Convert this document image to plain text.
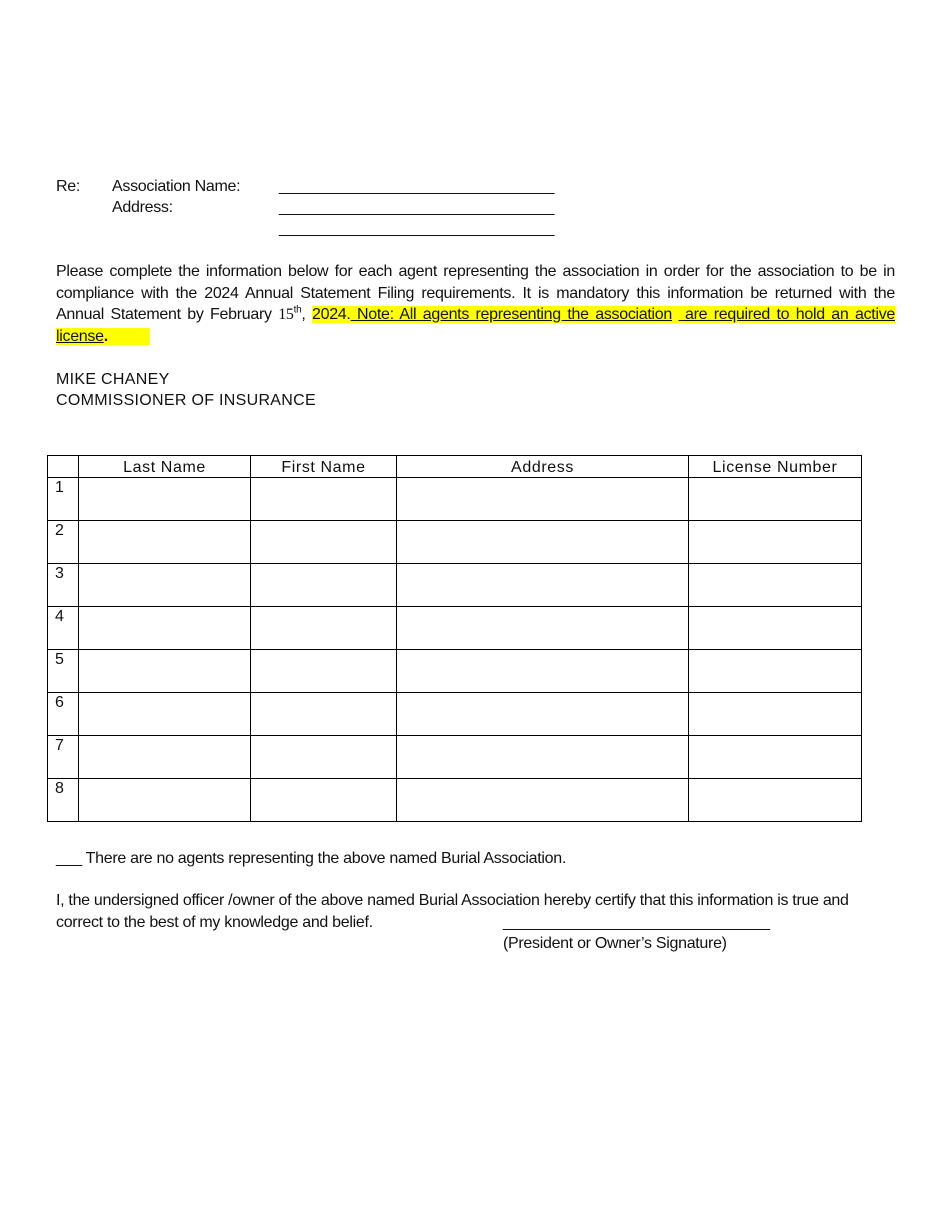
Re: Association Name: ________________________________
Address:	________________________________
________________________________
Please complete the information below for each agent representing the association in order for the association to be in compliance with the 2024 Annual Statement Filing requirements. It is mandatory this information be returned with the Annual Statement by February 15th, 2024. Note: All agents representing the association  are required to hold an active license.
MIKE CHANEY
COMMISSIONER OF INSURANCE
	Last Name	First Name	Address	License Number
1				
2				
3				
4				
5				
6				
7				
8				
___ There are no agents representing the above named Burial Association.
I, the undersigned officer /owner of the above named Burial Association hereby certify that this information is true and correct to the best of my knowledge and belief.	______________________________
(President or Owner’s Signature)
